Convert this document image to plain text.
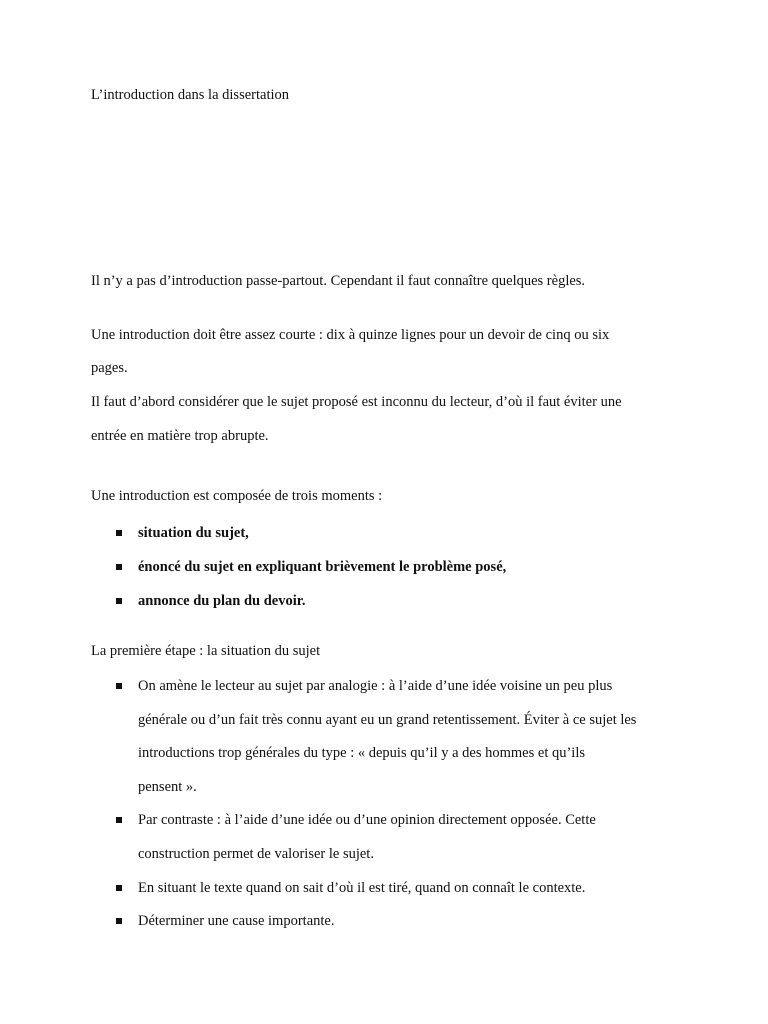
L’introduction dans la dissertation
Il n’y a pas d’introduction passe-partout. Cependant il faut connaître quelques règles.
Une introduction doit être assez courte : dix à quinze lignes pour un devoir de cinq ou six
pages.
Il faut d’abord considérer que le sujet proposé est inconnu du lecteur, d’où il faut éviter une
entrée en matière trop abrupte.
Une introduction est composée de trois moments :
situation du sujet,
énoncé du sujet en expliquant brièvement le problème posé,
annonce du plan du devoir.
La première étape : la situation du sujet
On amène le lecteur au sujet par analogie : à l’aide d’une idée voisine un peu plus
générale ou d’un fait très connu ayant eu un grand retentissement. Éviter à ce sujet les
introductions trop générales du type : « depuis qu’il y a des hommes et qu’ils
pensent ».
Par contraste : à l’aide d’une idée ou d’une opinion directement opposée. Cette
construction permet de valoriser le sujet.
En situant le texte quand on sait d’où il est tiré, quand on connaît le contexte.
Déterminer une cause importante.
